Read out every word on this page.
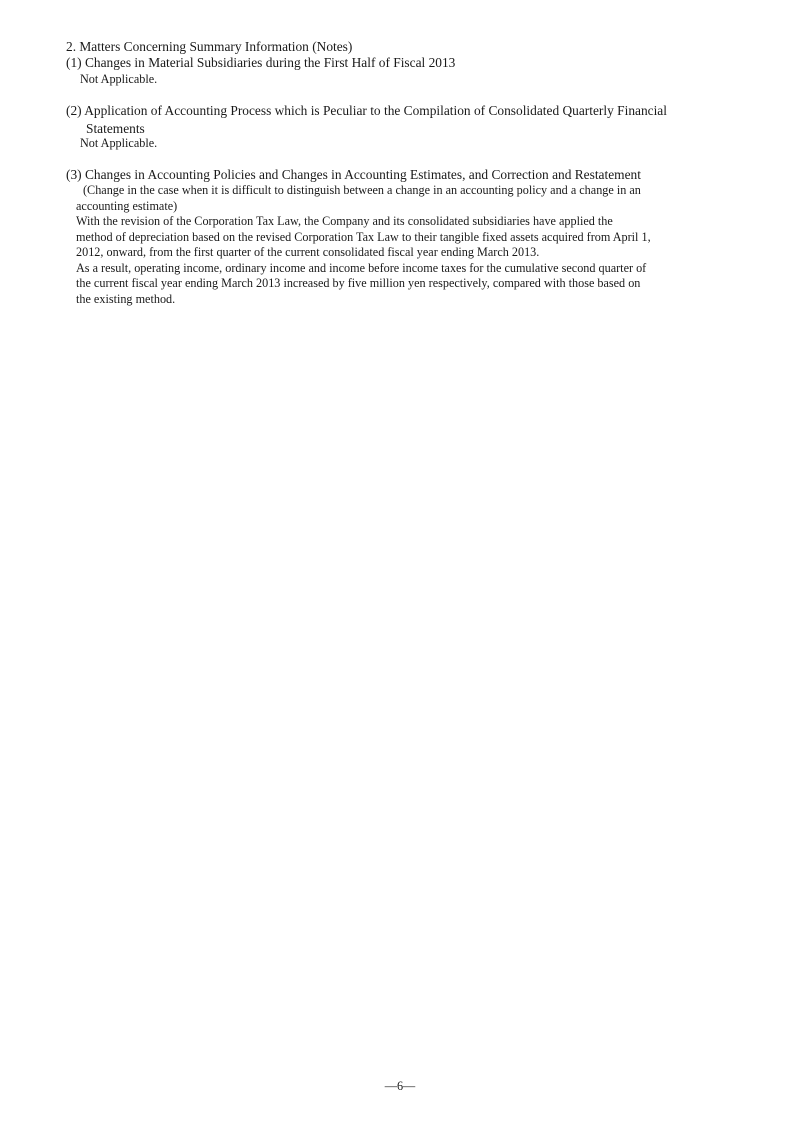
2. Matters Concerning Summary Information (Notes)
(1) Changes in Material Subsidiaries during the First Half of Fiscal 2013
Not Applicable.
(2) Application of Accounting Process which is Peculiar to the Compilation of Consolidated Quarterly Financial
Statements
Not Applicable.
(3) Changes in Accounting Policies and Changes in Accounting Estimates, and Correction and Restatement
(Change in the case when it is difficult to distinguish between a change in an accounting policy and a change in an
accounting estimate)
With the revision of the Corporation Tax Law, the Company and its consolidated subsidiaries have applied the
method of depreciation based on the revised Corporation Tax Law to their tangible fixed assets acquired from April 1,
2012, onward, from the first quarter of the current consolidated fiscal year ending March 2013.
As a result, operating income, ordinary income and income before income taxes for the cumulative second quarter of
the current fiscal year ending March 2013 increased by five million yen respectively, compared with those based on
the existing method.
—6—
